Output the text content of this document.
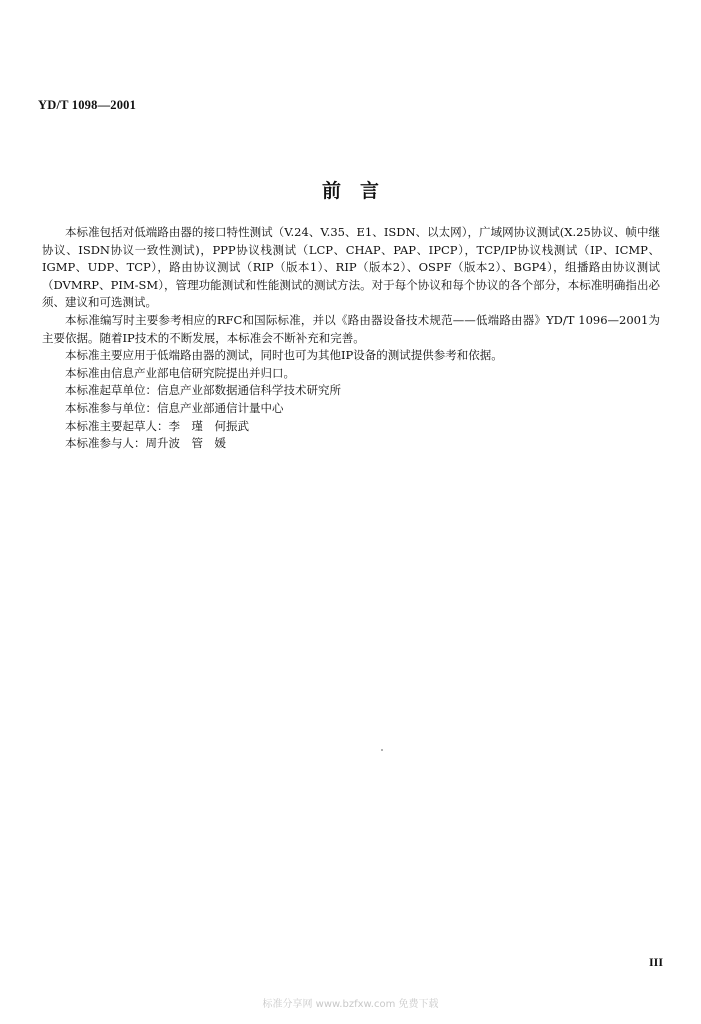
YD/T 1098—2001
前　言

本标准包括对低端路由器的接口特性测试（V.24、V.35、E1、ISDN、以太网），广域网协议测试(X.25协议、帧中继协议、ISDN协议一致性测试)，PPP协议栈测试（LCP、CHAP、PAP、IPCP），TCP/IP协议栈测试（IP、ICMP、IGMP、UDP、TCP），路由协议测试（RIP（版本1）、RIP（版本2）、OSPF（版本2）、BGP4），组播路由协议测试（DVMRP、PIM-SM），管理功能测试和性能测试的测试方法。对于每个协议和每个协议的各个部分，本标准明确指出必须、建议和可选测试。

本标准编写时主要参考相应的RFC和国际标准，并以《路由器设备技术规范——低端路由器》YD/T 1096—2001为主要依据。随着IP技术的不断发展，本标准会不断补充和完善。

本标准主要应用于低端路由器的测试，同时也可为其他IP设备的测试提供参考和依据。

本标准由信息产业部电信研究院提出并归口。

本标准起草单位：信息产业部数据通信科学技术研究所

本标准参与单位：信息产业部通信计量中心

本标准主要起草人：李　瑾　何振武

本标准参与人：周升波　管　媛

III
标准分享网 www.bzfxw.com 免费下载
